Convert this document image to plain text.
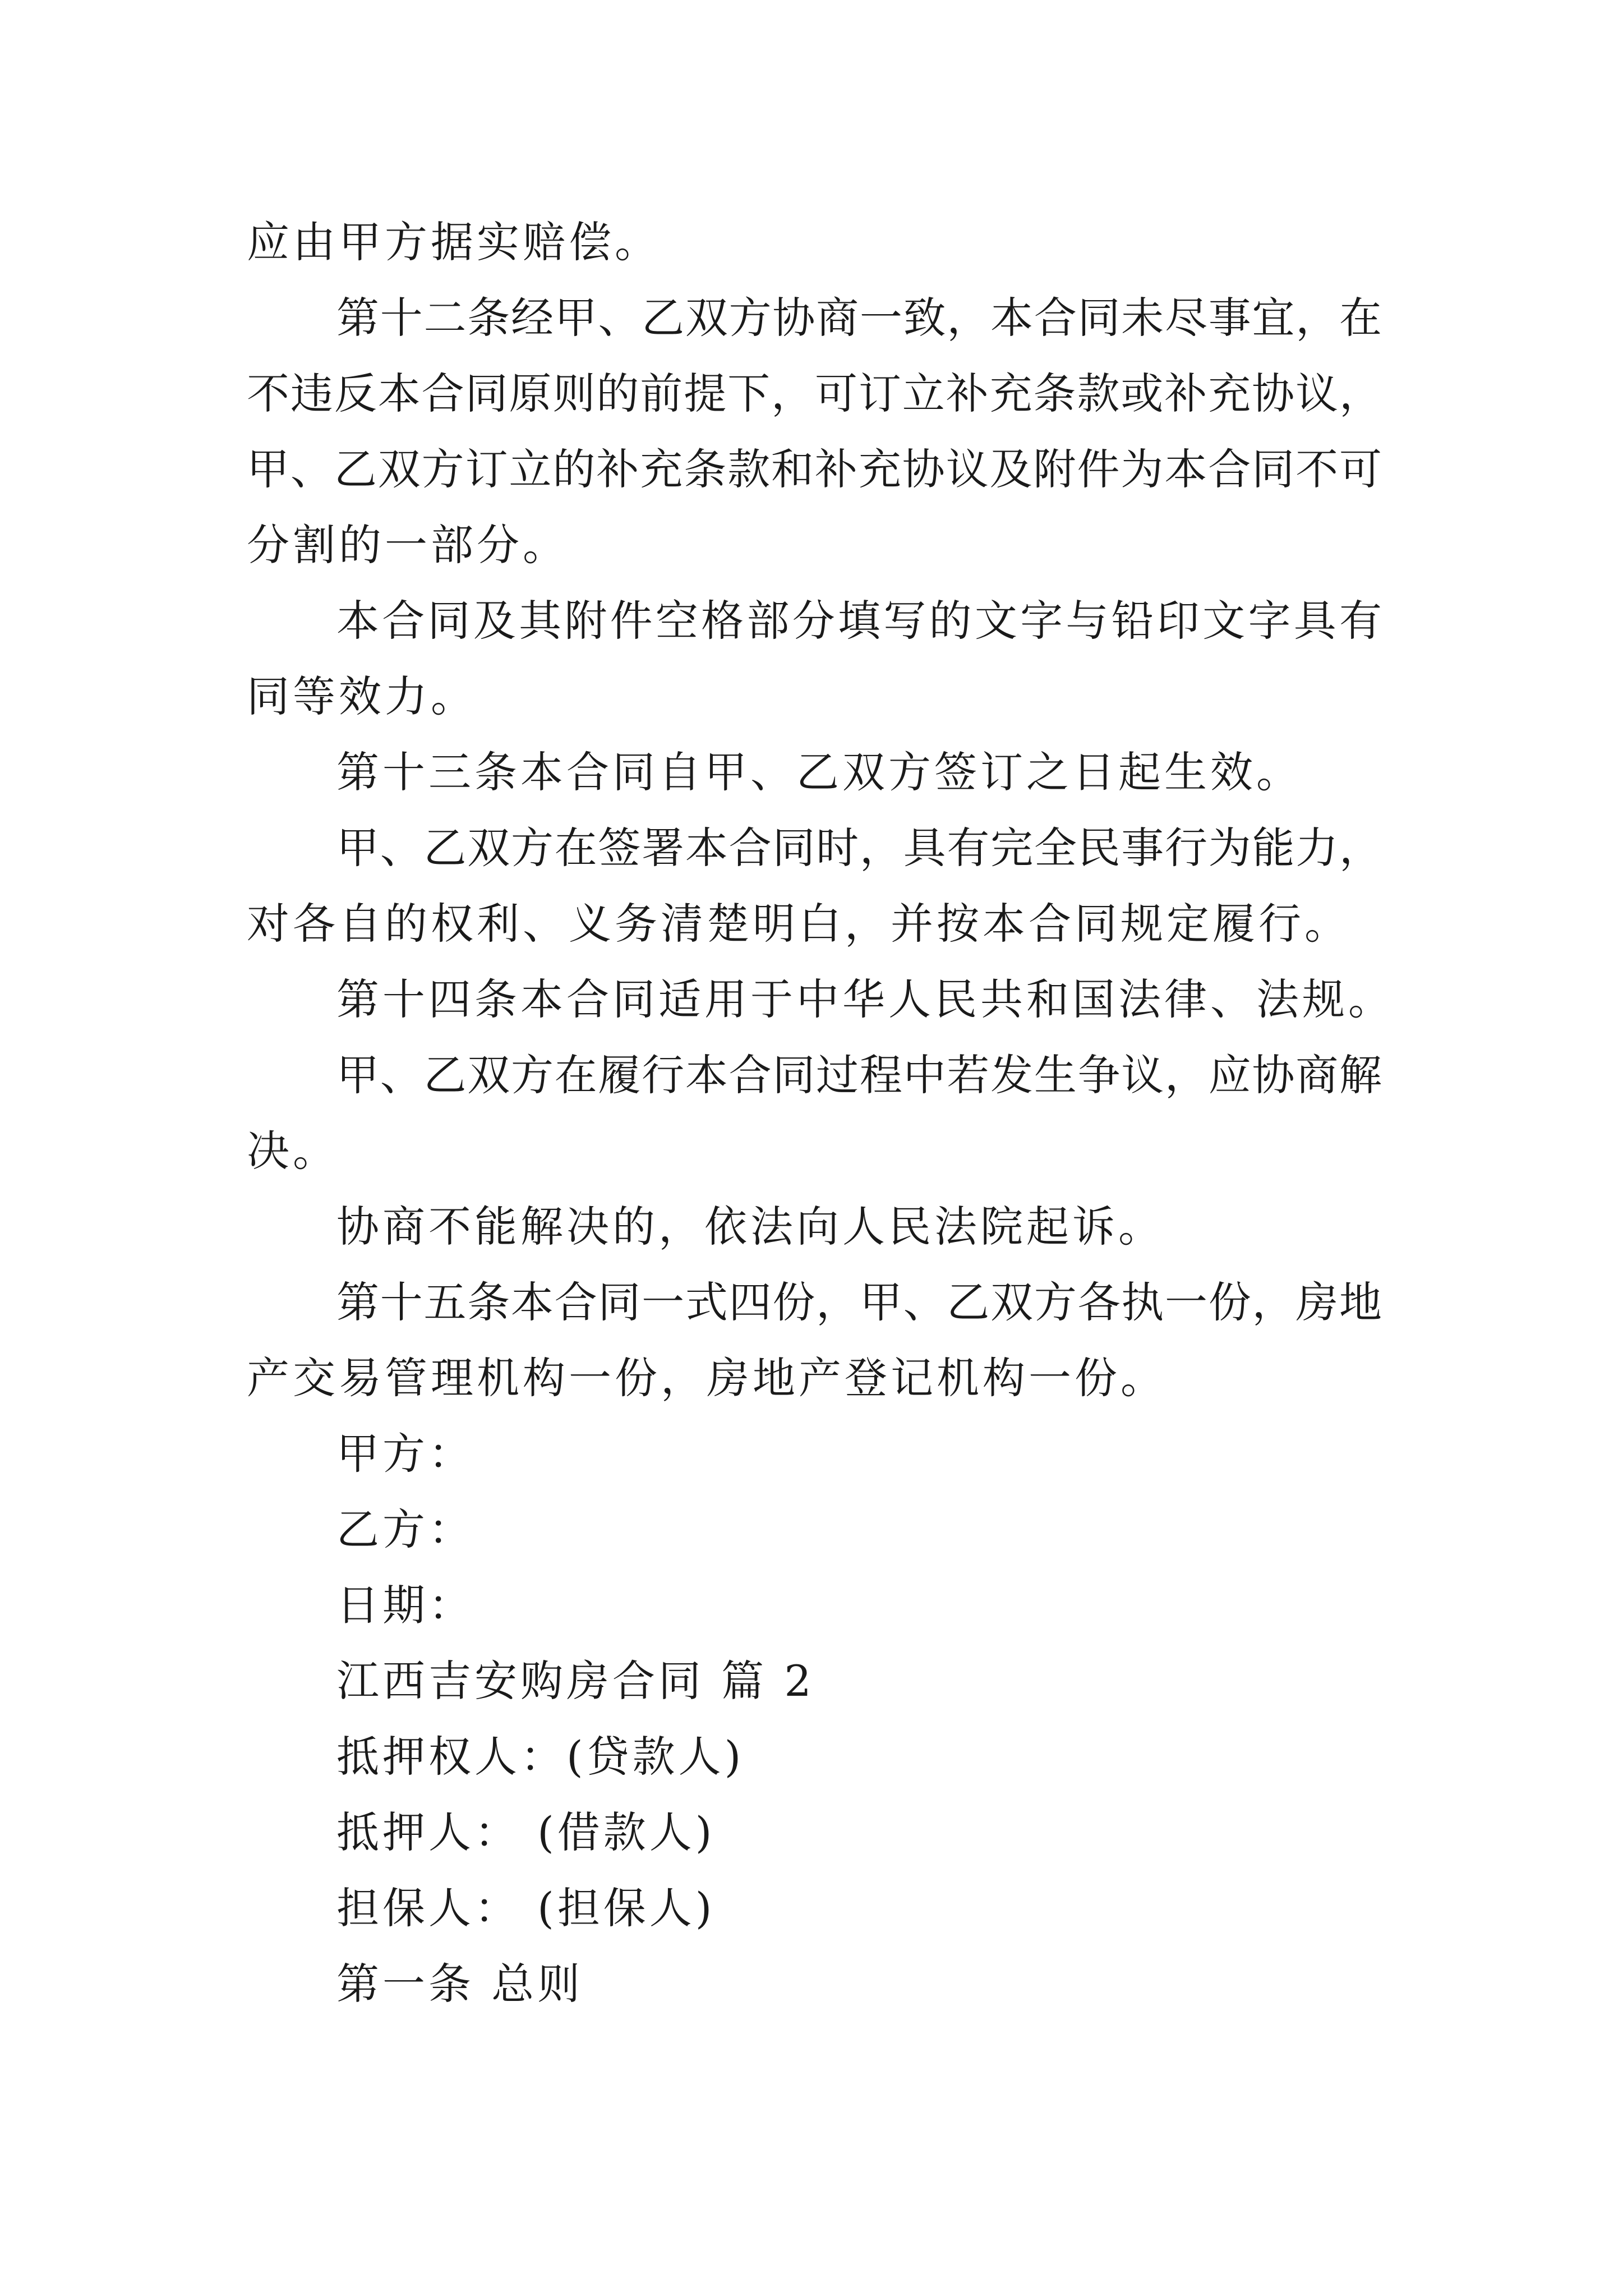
应由甲方据实赔偿。
第十二条经甲、乙双方协商一致，本合同未尽事宜，在
不违反本合同原则的前提下，可订立补充条款或补充协议，
甲、乙双方订立的补充条款和补充协议及附件为本合同不可
分割的一部分。
本合同及其附件空格部分填写的文字与铅印文字具有
同等效力。
第十三条本合同自甲、乙双方签订之日起生效。
甲、乙双方在签署本合同时，具有完全民事行为能力，
对各自的权利、义务清楚明白，并按本合同规定履行。
第十四条本合同适用于中华人民共和国法律、法规。
甲、乙双方在履行本合同过程中若发生争议，应协商解
决。
协商不能解决的，依法向人民法院起诉。
第十五条本合同一式四份，甲、乙双方各执一份，房地
产交易管理机构一份，房地产登记机构一份。
甲方：
乙方：
日期：
江西吉安购房合同 篇 2
抵押权人：(贷款人)
抵押人： (借款人)
担保人： (担保人)
第一条 总则
